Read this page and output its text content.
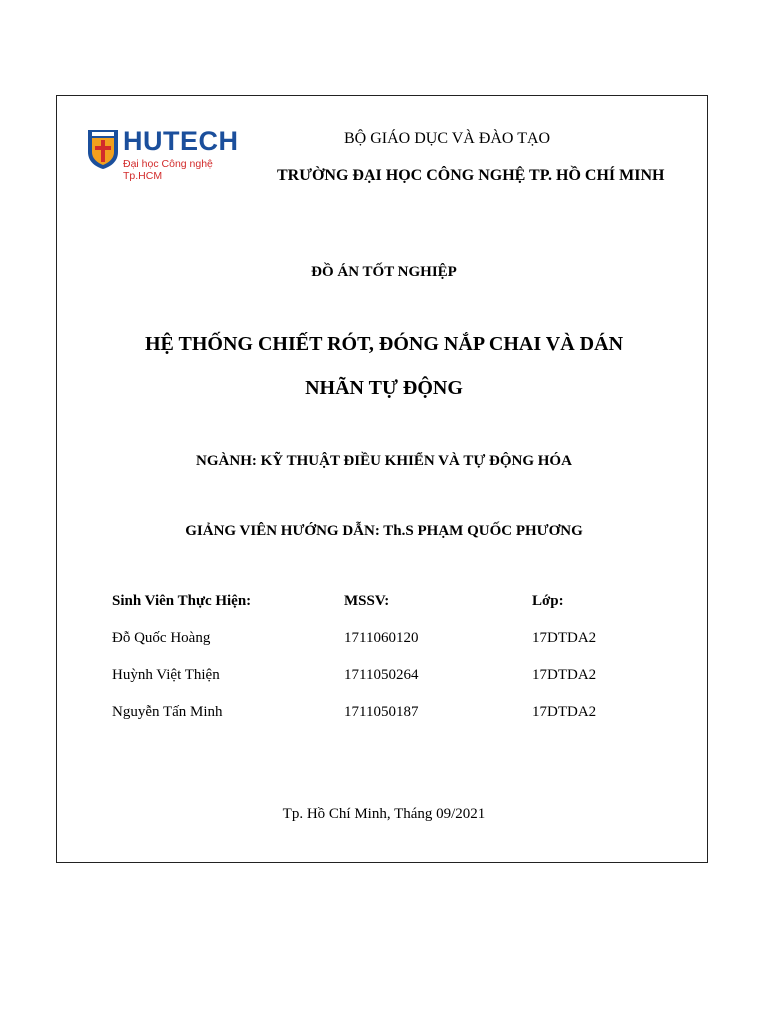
HUTECH
Đại học Công nghệ Tp.HCM
BỘ GIÁO DỤC VÀ ĐÀO TẠO
TRƯỜNG ĐẠI HỌC CÔNG NGHỆ TP. HỒ CHÍ MINH
ĐỒ ÁN TỐT NGHIỆP
HỆ THỐNG CHIẾT RÓT, ĐÓNG NẮP CHAI VÀ DÁN
NHÃN TỰ ĐỘNG
NGÀNH: KỸ THUẬT ĐIỀU KHIỂN VÀ TỰ ĐỘNG HÓA
GIẢNG VIÊN HƯỚNG DẪN: Th.S PHẠM QUỐC PHƯƠNG
Sinh Viên Thực Hiện:	MSSV:	Lớp:
Đỗ Quốc Hoàng	1711060120	17DTDA2
Huỳnh Việt Thiện	1711050264	17DTDA2
Nguyễn Tấn Minh	1711050187	17DTDA2
Tp. Hồ Chí Minh, Tháng 09/2021
